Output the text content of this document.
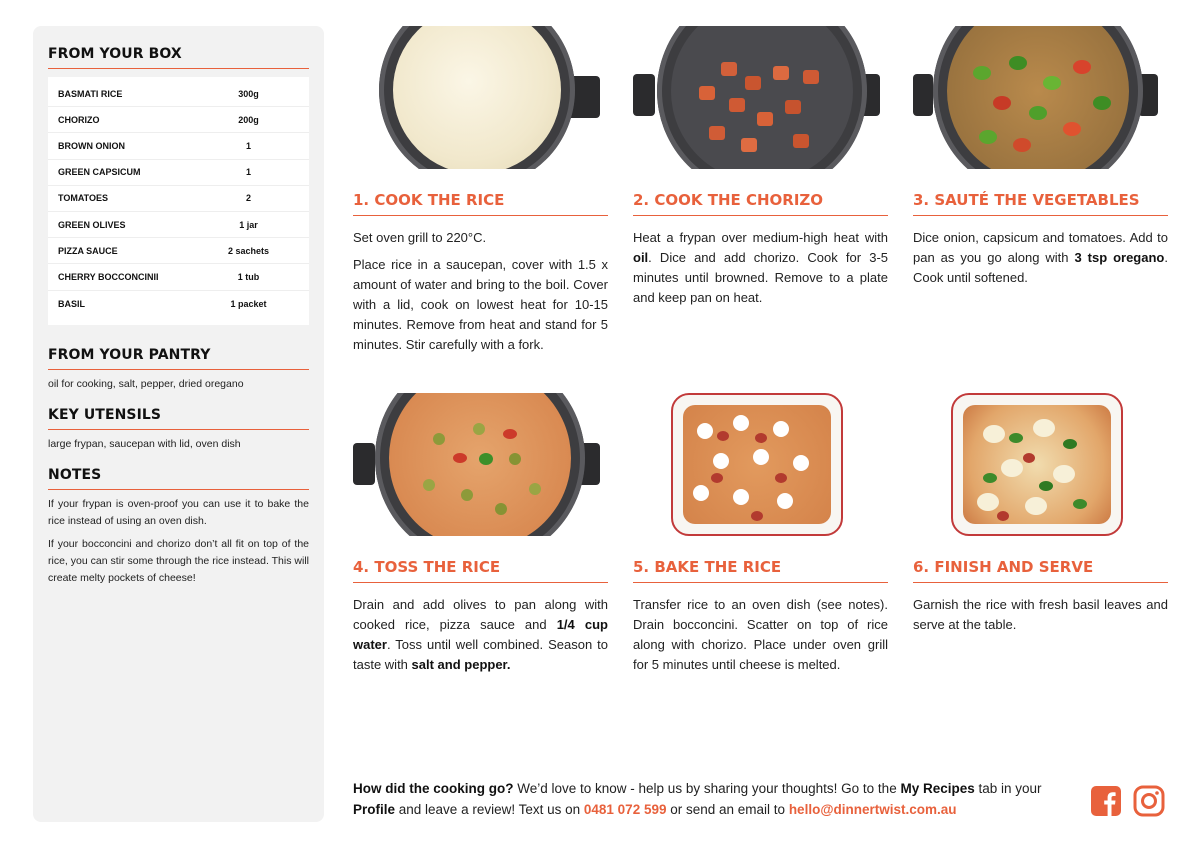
FROM YOUR BOX
BASMATI RICE	300g
CHORIZO	200g
BROWN ONION	1
GREEN CAPSICUM	1
TOMATOES	2
GREEN OLIVES	1 jar
PIZZA SAUCE	2 sachets
CHERRY BOCCONCINII	1 tub
BASIL	1 packet
FROM YOUR PANTRY
oil for cooking, salt, pepper, dried oregano
KEY UTENSILS
large frypan, saucepan with lid, oven dish
NOTES

If your frypan is oven-proof you can use it to bake the rice instead of using an oven dish.

If your bocconcini and chorizo don’t all fit on top of the rice, you can stir some through the rice instead. This will create melty pockets of cheese!

1. COOK THE RICE

Set oven grill to 220°C.

Place rice in a saucepan, cover with 1.5 x amount of water and bring to the boil. Cover with a lid, cook on lowest heat for 10-15 minutes. Remove from heat and stand for 5 minutes. Stir carefully with a fork.

2. COOK THE CHORIZO

Heat a frypan over medium-high heat with oil. Dice and add chorizo. Cook for 3-5 minutes until browned. Remove to a plate and keep pan on heat.

3. SAUTÉ THE VEGETABLES

Dice onion, capsicum and tomatoes. Add to pan as you go along with 3 tsp oregano. Cook until softened.

4. TOSS THE RICE

Drain and add olives to pan along with cooked rice, pizza sauce and 1/4 cup water. Toss until well combined. Season to taste with salt and pepper.

5. BAKE THE RICE

Transfer rice to an oven dish (see notes). Drain bocconcini. Scatter on top of rice along with chorizo. Place under oven grill for 5 minutes until cheese is melted.

6. FINISH AND SERVE

Garnish the rice with fresh basil leaves and serve at the table.

How did the cooking go? We’d love to know - help us by sharing your thoughts! Go to the My Recipes tab in your Profile and leave a review! Text us on 0481 072 599 or send an email to hello@dinnertwist.com.au
